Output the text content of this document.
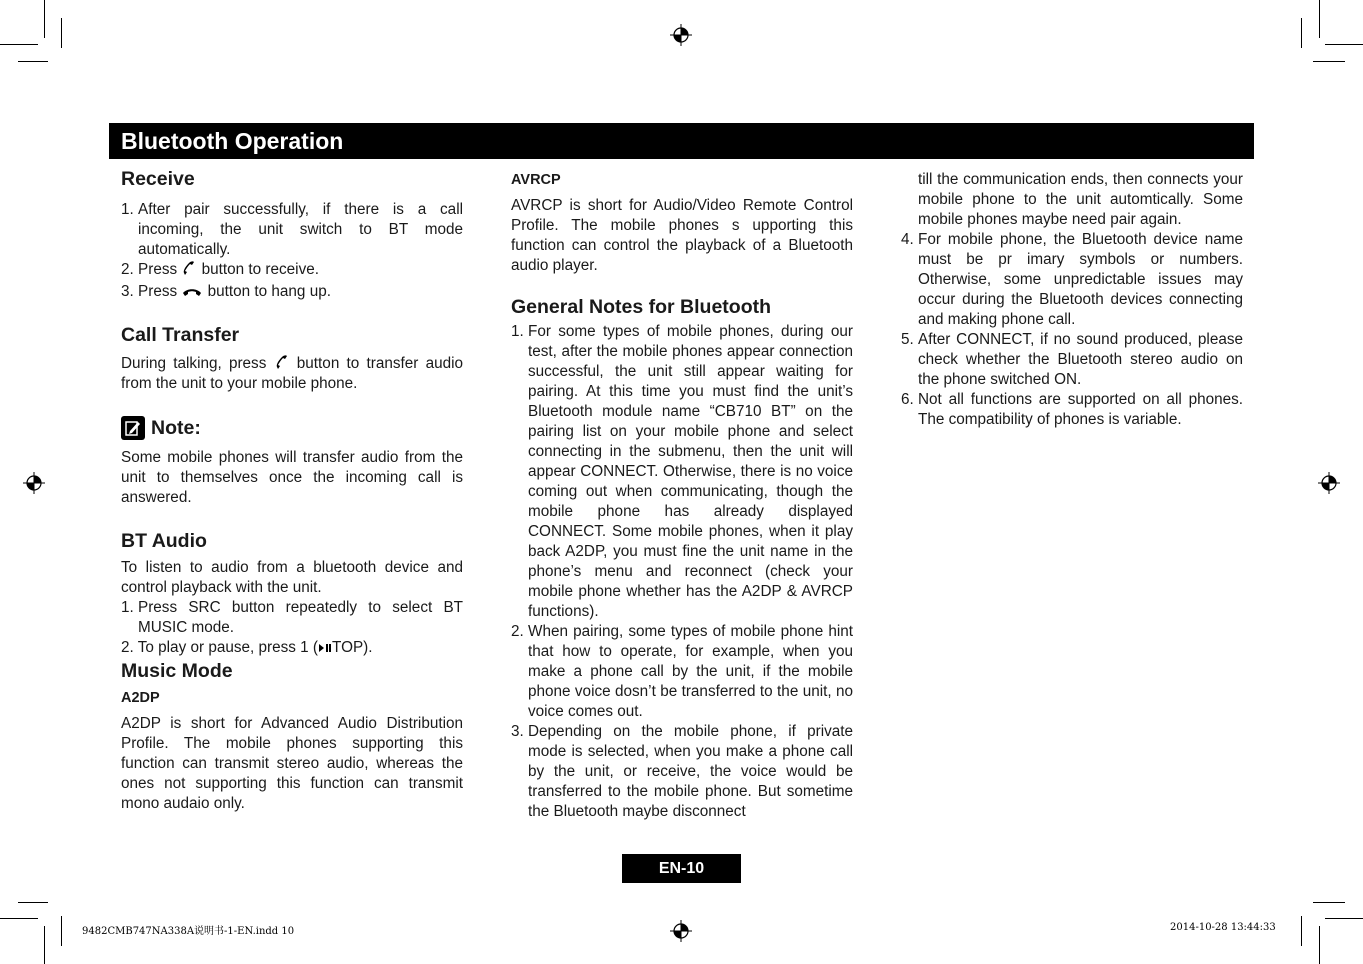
Bluetooth Operation
Receive
1. After pair successfully, if there is a call incoming, the unit switch to BT mode automatically.
2. Press button to receive.
3. Press button to hang up.
Call Transfer

During talking, press button to transfer audio from the unit to your mobile phone.

Note:

Some mobile phones will transfer audio from the unit to themselves once the incoming call is answered.

BT Audio

To listen to audio from a bluetooth device and control playback with the unit.

1. Press SRC button repeatedly to select BT MUSIC mode.
2. To play or pause, press 1 ( TOP).
Music Mode
A2DP

A2DP is short for Advanced Audio Distribution Profile. The mobile phones supporting this function can transmit stereo audio, whereas the ones not supporting this function can transmit mono audaio only.

AVRCP

AVRCP is short for Audio/Video Remote Control Profile. The mobile phones s upporting this function can control the playback of a Bluetooth audio player.

General Notes for Bluetooth
1. For some types of mobile phones, during our test, after the mobile phones appear connection successful, the unit still appear waiting for pairing. At this time you must find the unit’s Bluetooth module name “CB710 BT” on the pairing list on your mobile phone and select connecting in the submenu, then the unit will appear CONNECT. Otherwise, there is no voice coming out when communicating, though the mobile phone has already displayed CONNECT. Some mobile phones, when it play back A2DP, you must fine the unit name in the phone’s menu and reconnect (check your mobile phone whether has the A2DP & AVRCP functions).
2. When pairing, some types of mobile phone hint that how to operate, for example, when you make a phone call by the unit, if the mobile phone voice dosn’t be transferred to the unit, no voice comes out.
3. Depending on the mobile phone, if private mode is selected, when you make a phone call by the unit, or receive, the voice would be transferred to the mobile phone. But sometime the Bluetooth maybe disconnect

till the communication ends, then connects your mobile phone to the unit automtically. Some mobile phones maybe need pair again.

4. For mobile phone, the Bluetooth device name must be pr imary symbols or numbers. Otherwise, some unpredictable issues may occur during the Bluetooth devices connecting and making phone call.
5. After CONNECT, if no sound produced, please check whether the Bluetooth stereo audio on the phone switched ON.
6. Not all functions are supported on all phones. The compatibility of phones is variable.
EN-10
9482CMB747NA338A说明书-1-EN.indd 10	2014-10-28 13:44:33
